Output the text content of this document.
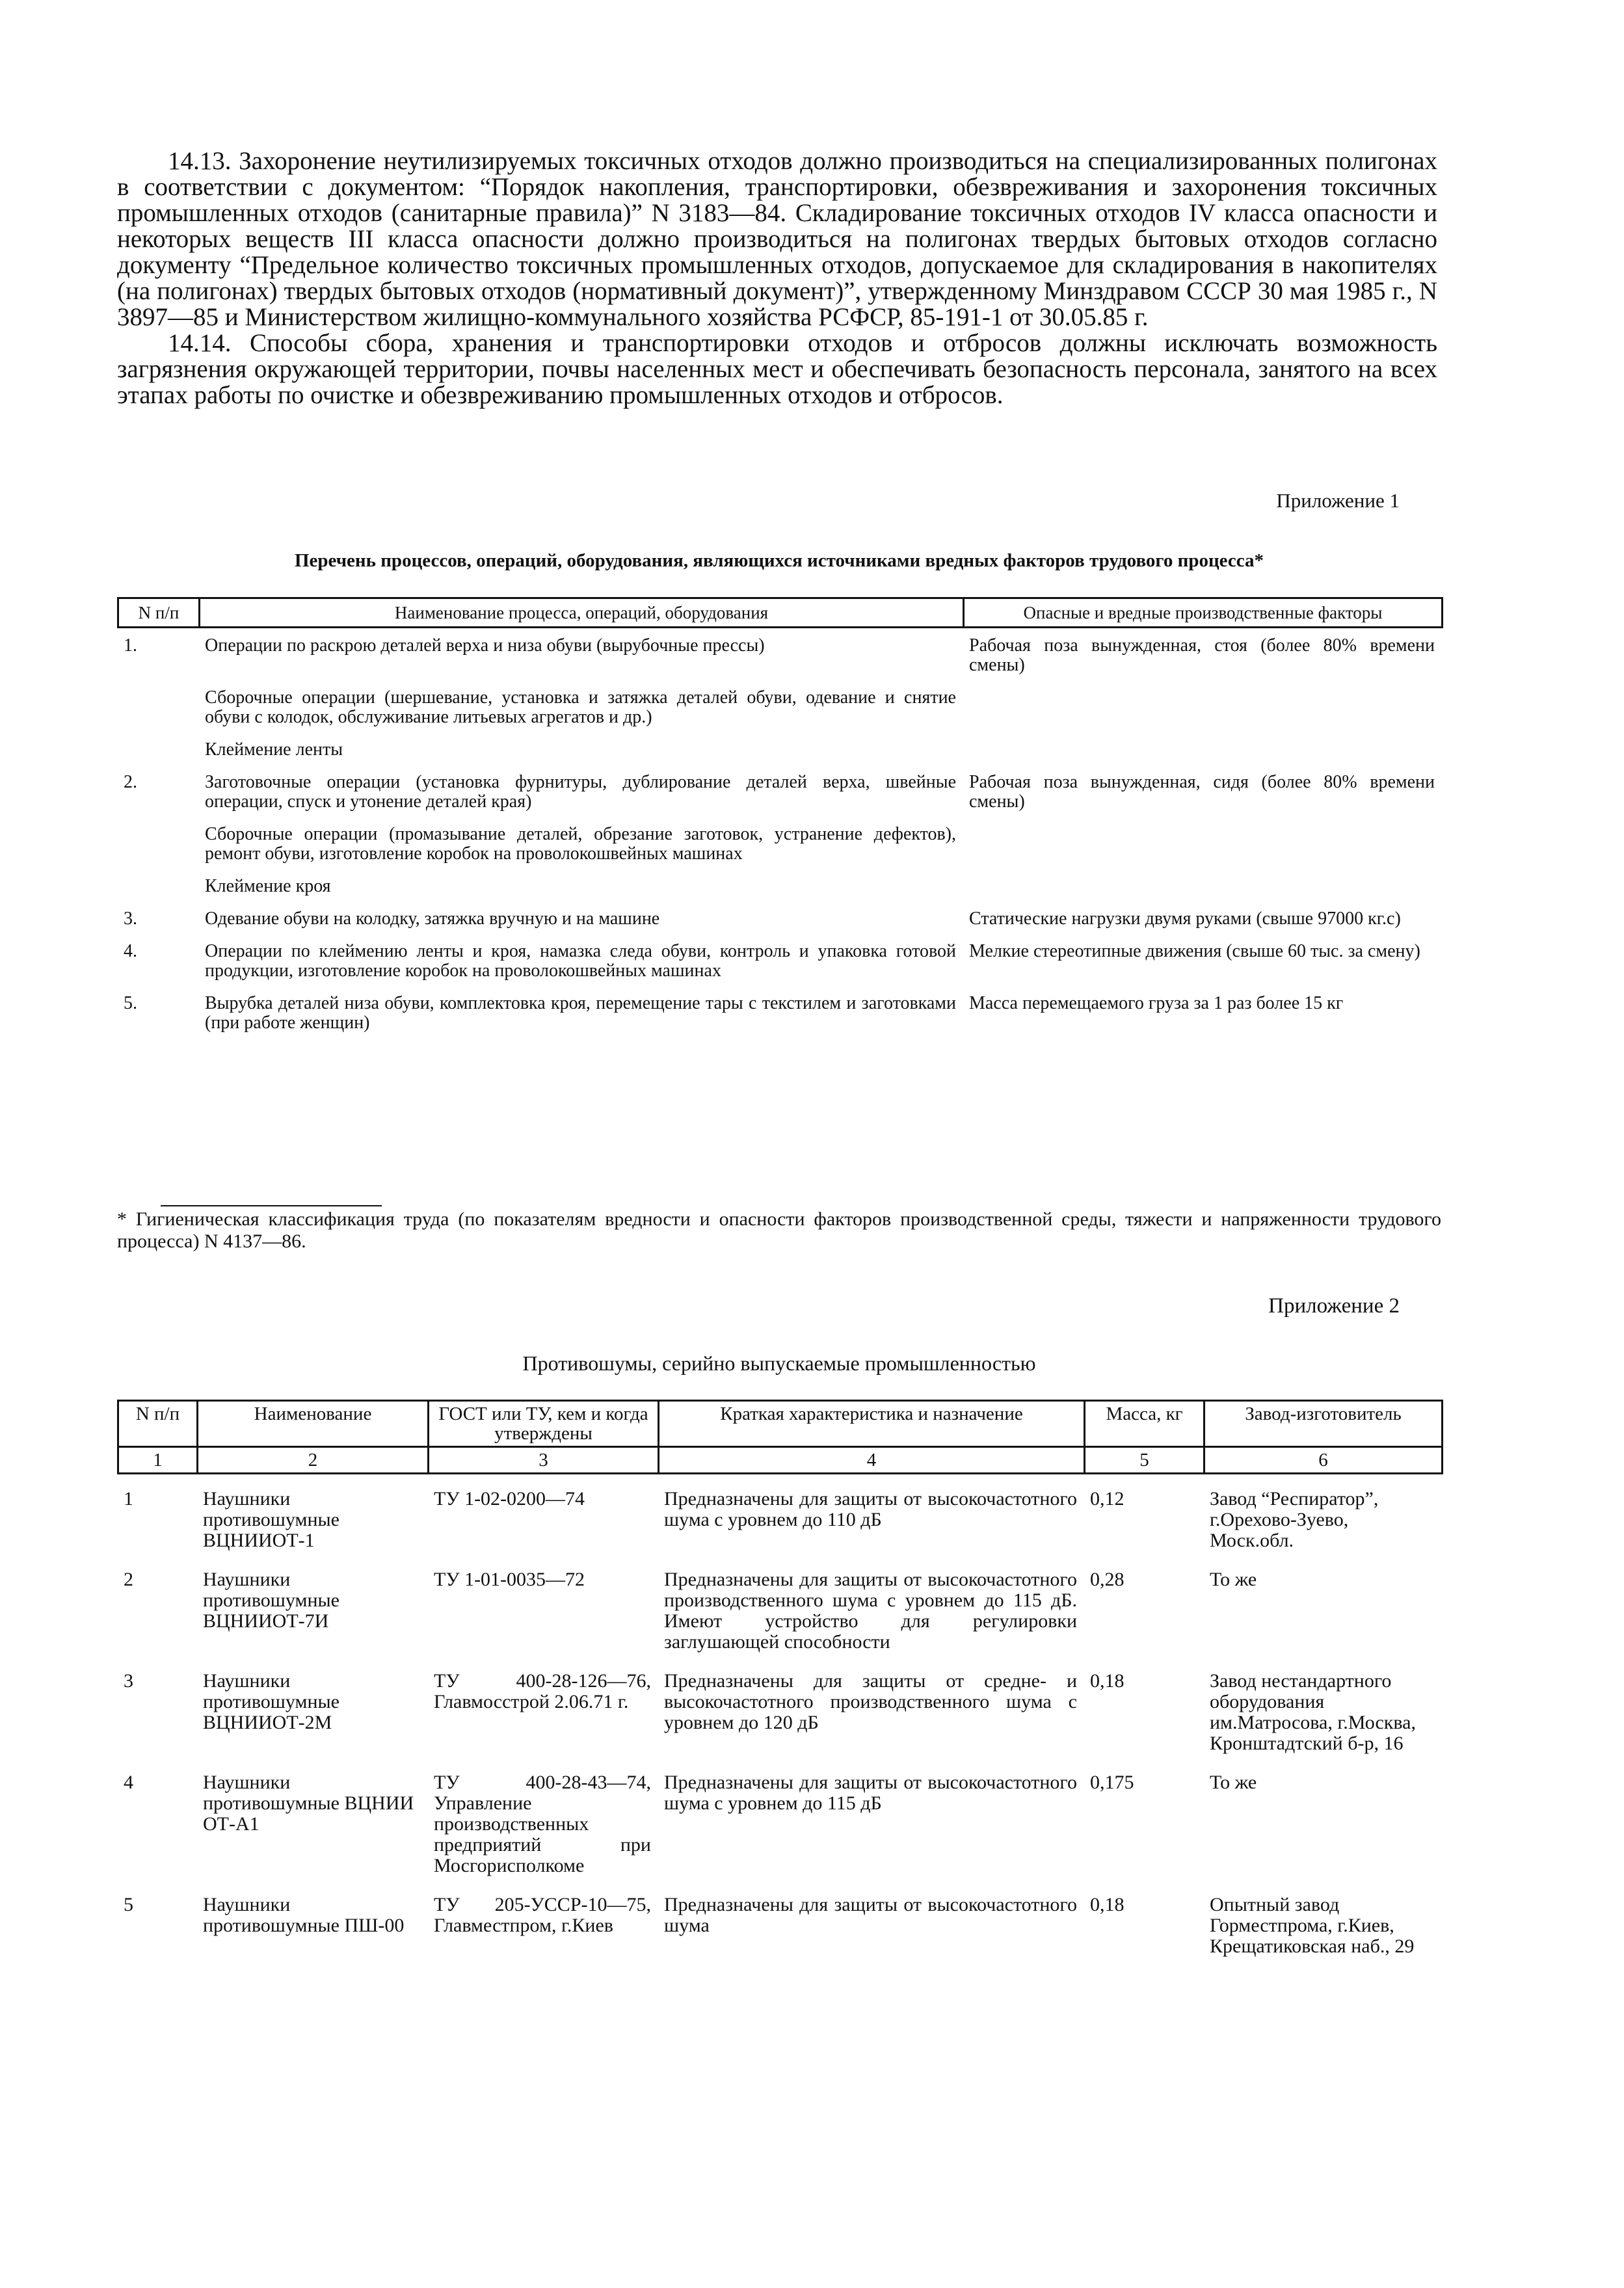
14.13. Захоронение неутилизируемых токсичных отходов должно производиться на специализированных полигонах в соответствии с документом: “Порядок накопления, транспортировки, обезвреживания и захоронения токсичных промышленных отходов (санитарные правила)” N 3183—84. Складирование токсичных отходов IV класса опасности и некоторых веществ III класса опасности должно производиться на полигонах твердых бытовых отходов согласно документу “Предельное количество токсичных промышленных отходов, допускаемое для складирования в накопителях (на полигонах) твердых бытовых отходов (нормативный документ)”, утвержденному Минздравом СССР 30 мая 1985 г., N 3897—85 и Министерством жилищно-коммунального хозяйства РСФСР, 85-191-1 от 30.05.85 г.

14.14. Способы сбора, хранения и транспортировки отходов и отбросов должны исключать возможность загрязнения окружающей территории, почвы населенных мест и обеспечивать безопасность персонала, занятого на всех этапах работы по очистке и обезвреживанию промышленных отходов и отбросов.

Приложение 1
Перечень процессов, операций, оборудования, являющихся источниками вредных факторов трудового процесса*
N п/п	Наименование процесса, операций, оборудования	Опасные и вредные производственные факторы
1.	Операции по раскрою деталей верха и низа обуви (вырубочные прессы)	Рабочая поза вынужденная, стоя (более 80% времени смены)
	Сборочные операции (шершевание, установка и затяжка деталей обуви, одевание и снятие обуви с колодок, обслуживание литьевых агрегатов и др.)	
	Клеймение ленты	
2.	Заготовочные операции (установка фурнитуры, дублирование деталей верха, швейные операции, спуск и утонение деталей края)	Рабочая поза вынужденная, сидя (более 80% времени смены)
	Сборочные операции (промазывание деталей, обрезание заготовок, устранение дефектов), ремонт обуви, изготовление коробок на проволокошвейных машинах	
	Клеймение кроя	
3.	Одевание обуви на колодку, затяжка вручную и на машине	Статические нагрузки двумя руками (свыше 97000 кг.с)
4.	Операции по клеймению ленты и кроя, намазка следа обуви, контроль и упаковка готовой продукции, изготовление коробок на проволокошвейных машинах	Мелкие стереотипные движения (свыше 60 тыс. за смену)
5.	Вырубка деталей низа обуви, комплектовка кроя, перемещение тары с текстилем и заготовками (при работе женщин)	Масса перемещаемого груза за 1 раз более 15 кг
* Гигиеническая классификация труда (по показателям вредности и опасности факторов производственной среды, тяжести и напряженности трудового процесса) N 4137—86.
Приложение 2
Противошумы, серийно выпускаемые промышленностью
N п/п	Наименование	ГОСТ или ТУ, кем и когда утверждены	Краткая характеристика и назначение	Масса, кг	Завод-изготовитель
1	2	3	4	5	6
1	Наушники противошумные ВЦНИИОТ-1	ТУ 1-02-0200—74	Предназначены для защиты от высокочастотного шума с уровнем до 110 дБ	0,12	Завод “Респиратор”, г.Орехово-Зуево, Моск.обл.
2	Наушники противошумные ВЦНИИОТ-7И	ТУ 1-01-0035—72	Предназначены для защиты от высокочастотного производственного шума с уровнем до 115 дБ. Имеют устройство для регулировки заглушающей способности	0,28	То же
3	Наушники противошумные ВЦНИИОТ-2М	ТУ 400-28-126—76, Главмосстрой 2.06.71 г.	Предназначены для защиты от средне- и высокочастотного производственного шума с уровнем до 120 дБ	0,18	Завод нестандартного оборудования им.Матросова, г.Москва, Кронштадтский б-р, 16
4	Наушники противошумные ВЦНИИ ОТ-А1	ТУ 400-28-43—74, Управление производственных предприятий при Мосгорисполкоме	Предназначены для защиты от высокочастотного шума с уровнем до 115 дБ	0,175	То же
5	Наушники противошумные ПШ-00	ТУ 205-УССР-10—75, Главместпром, г.Киев	Предназначены для защиты от высокочастотного шума	0,18	Опытный завод Горместпрома, г.Киев, Крещатиковская наб., 29
